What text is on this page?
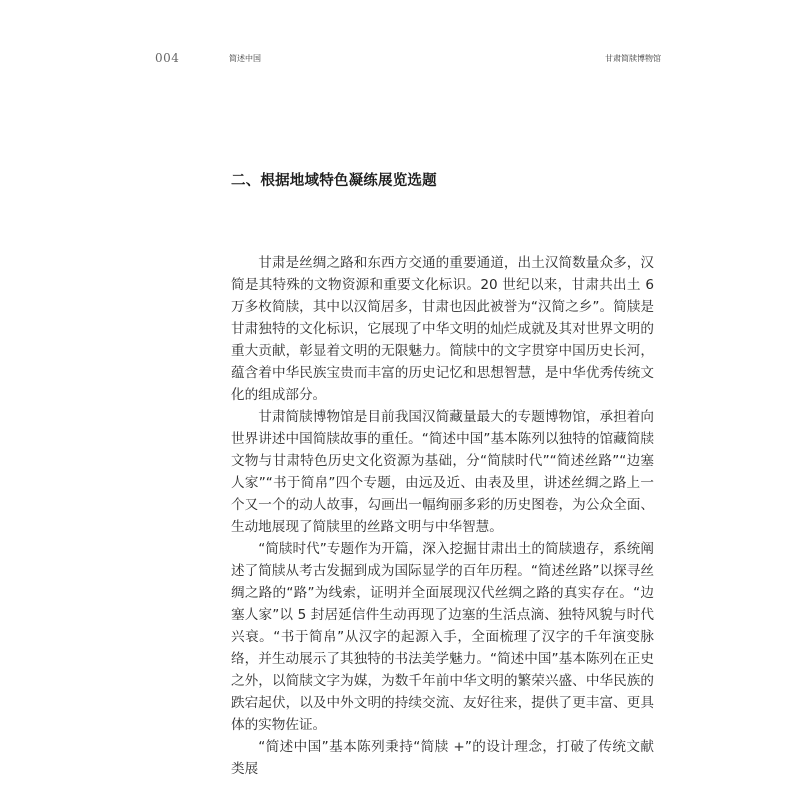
004	简述中国	甘肃简牍博物馆
二、根据地域特色凝练展览选题

甘肃是丝绸之路和东西方交通的重要通道，出土汉简数量众多，汉简是其特殊的文物资源和重要文化标识。20 世纪以来，甘肃共出土 6 万多枚简牍，其中以汉简居多，甘肃也因此被誉为“汉简之乡”。简牍是甘肃独特的文化标识，它展现了中华文明的灿烂成就及其对世界文明的重大贡献，彰显着文明的无限魅力。简牍中的文字贯穿中国历史长河，蕴含着中华民族宝贵而丰富的历史记忆和思想智慧，是中华优秀传统文化的组成部分。

甘肃简牍博物馆是目前我国汉简藏量最大的专题博物馆，承担着向世界讲述中国简牍故事的重任。“简述中国”基本陈列以独特的馆藏简牍文物与甘肃特色历史文化资源为基础，分“简牍时代”“简述丝路”“边塞人家”“书于简帛”四个专题，由远及近、由表及里，讲述丝绸之路上一个又一个的动人故事，勾画出一幅绚丽多彩的历史图卷，为公众全面、生动地展现了简牍里的丝路文明与中华智慧。

“简牍时代”专题作为开篇，深入挖掘甘肃出土的简牍遗存，系统阐述了简牍从考古发掘到成为国际显学的百年历程。“简述丝路”以探寻丝绸之路的“路”为线索，证明并全面展现汉代丝绸之路的真实存在。“边塞人家”以 5 封居延信件生动再现了边塞的生活点滴、独特风貌与时代兴衰。“书于简帛”从汉字的起源入手，全面梳理了汉字的千年演变脉络，并生动展示了其独特的书法美学魅力。“简述中国”基本陈列在正史之外，以简牍文字为媒，为数千年前中华文明的繁荣兴盛、中华民族的跌宕起伏，以及中外文明的持续交流、友好往来，提供了更丰富、更具体的实物佐证。

“简述中国”基本陈列秉持“简牍 +”的设计理念，打破了传统文献类展
